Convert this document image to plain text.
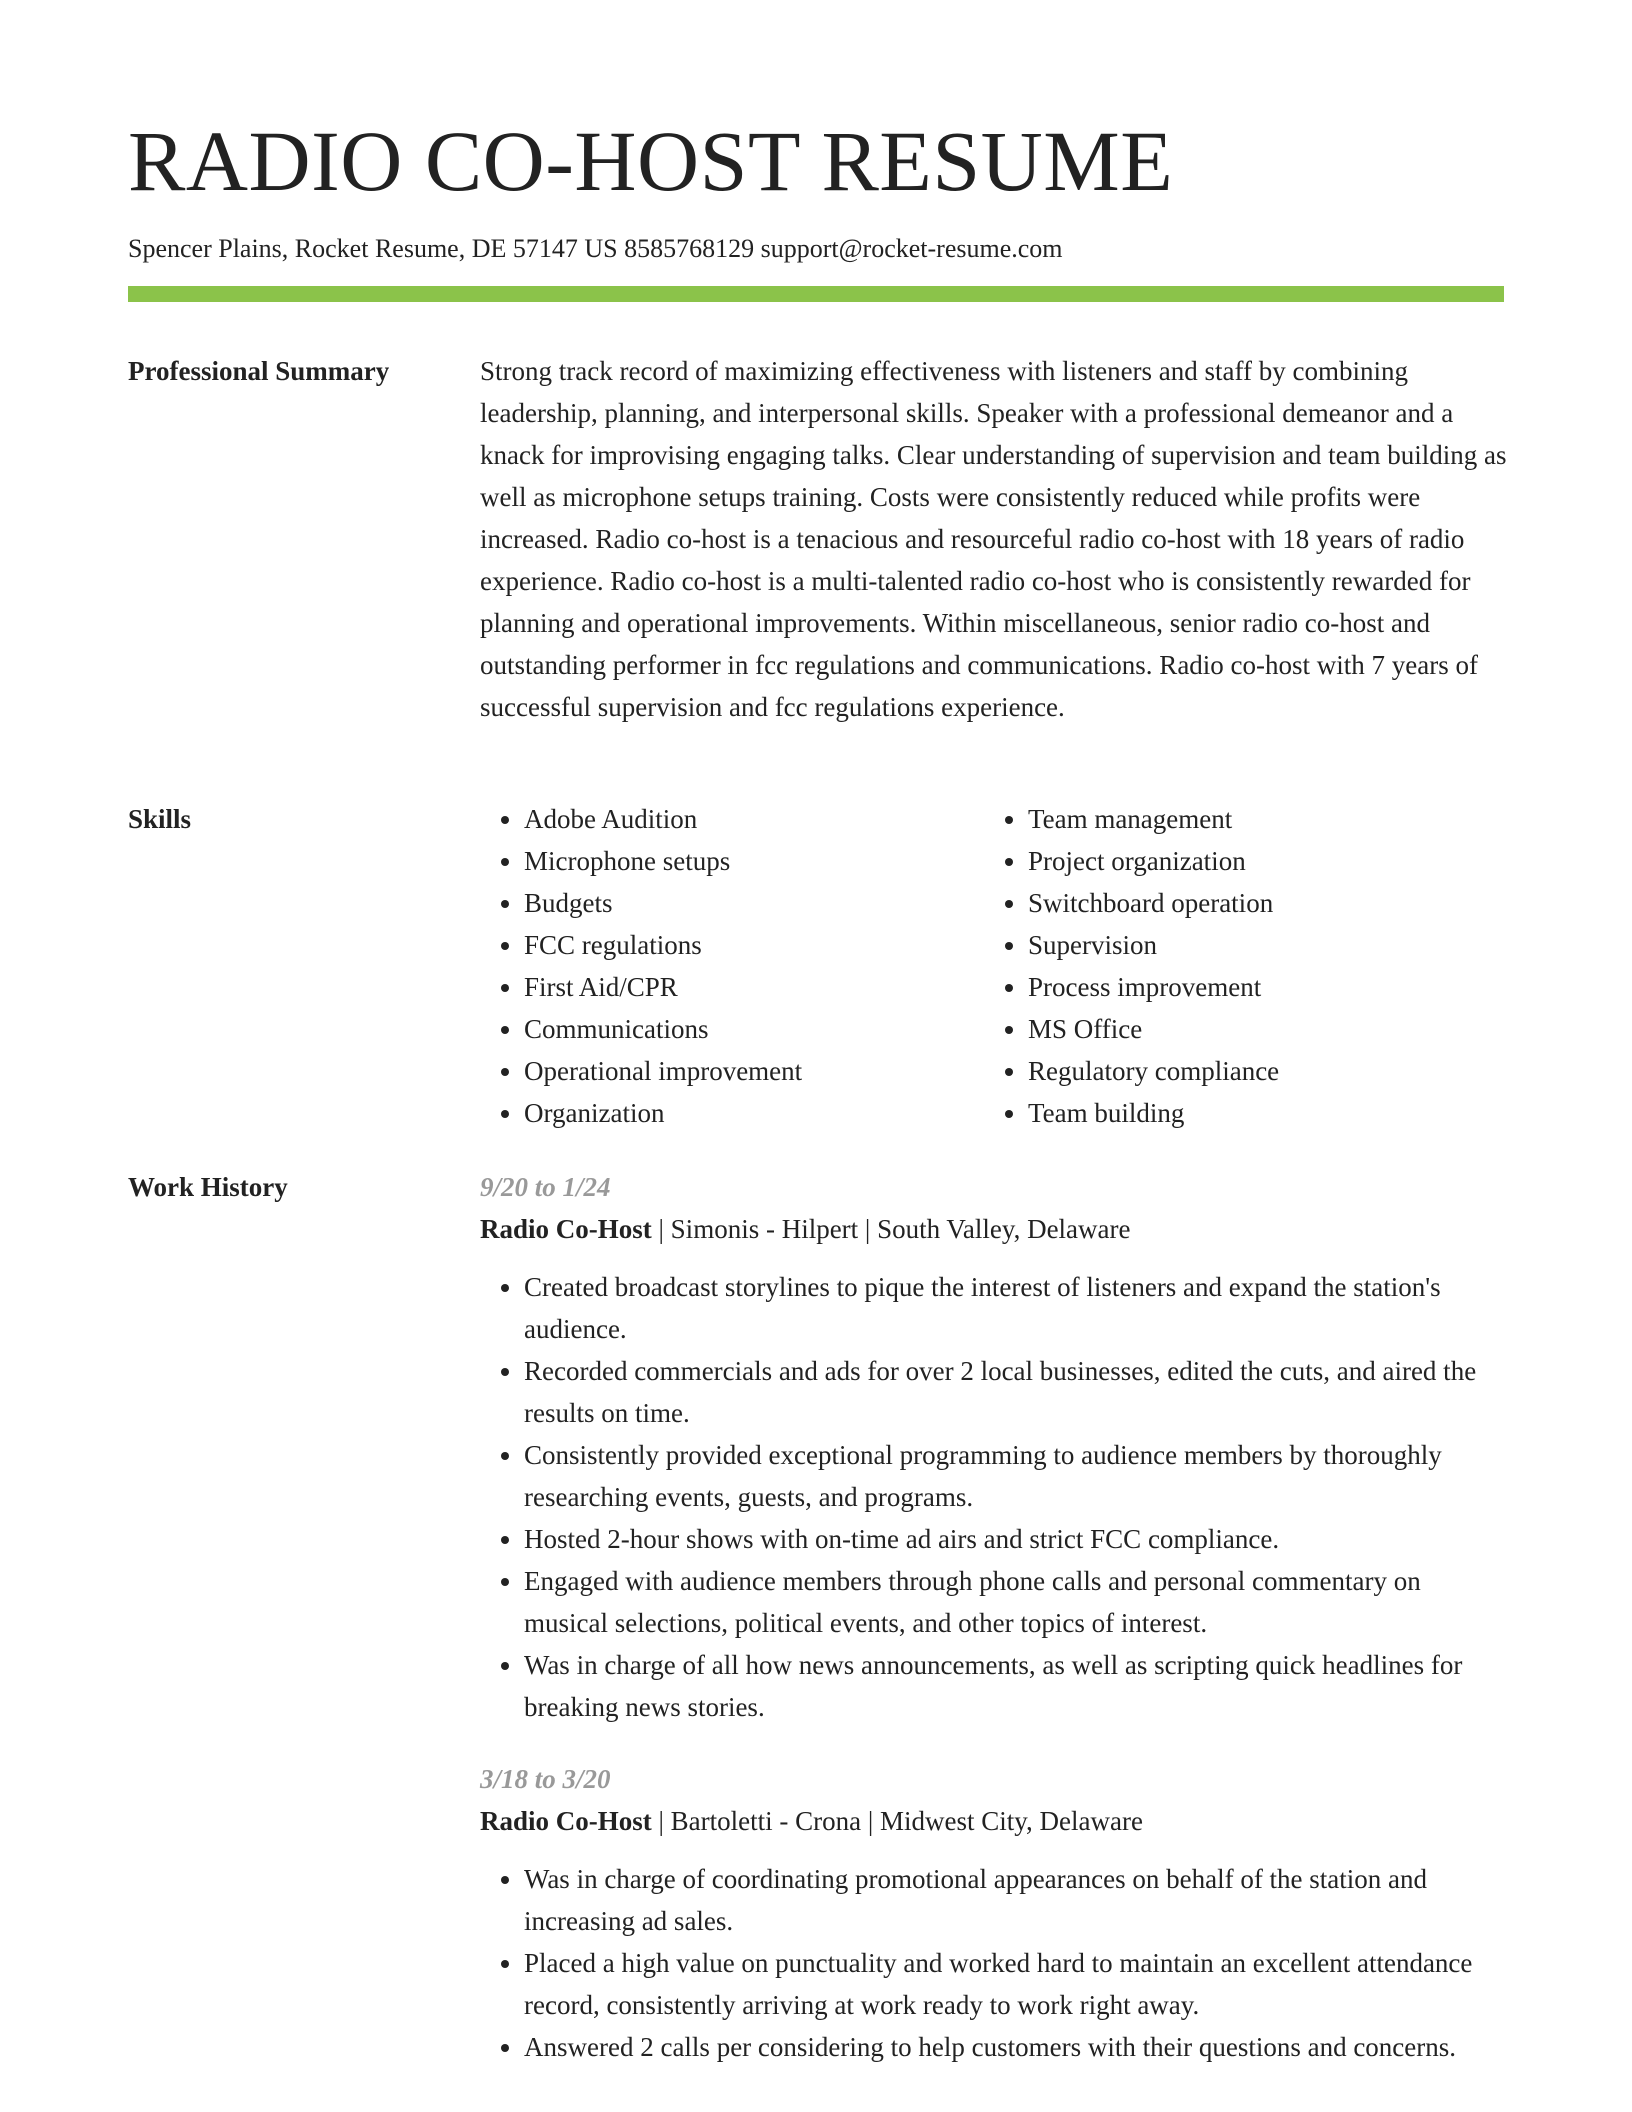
RADIO CO-HOST RESUME
Spencer Plains, Rocket Resume, DE 57147 US 8585768129 support@rocket-resume.com
Professional Summary	Strong track record of maximizing effectiveness with listeners and staff by combining leadership, planning, and interpersonal skills. Speaker with a professional demeanor and a knack for improvising engaging talks. Clear understanding of supervision and team building as well as microphone setups training. Costs were consistently reduced while profits were increased. Radio co-host is a tenacious and resourceful radio co-host with 18 years of radio experience. Radio co-host is a multi-talented radio co-host who is consistently rewarded for planning and operational improvements. Within miscellaneous, senior radio co-host and outstanding performer in fcc regulations and communications. Radio co-host with 7 years of successful supervision and fcc regulations experience.

Skills
•	Adobe Audition
• Microphone setups
• Budgets
• FCC regulations
• First Aid/CPR
• Communications
• Operational improvement
• Organization
• Team management
• Project organization
• Switchboard operation
• Supervision
• Process improvement
• MS Office
• Regulatory compliance
• Team building
Work History	9/20 to 1/24
Radio Co-Host | Simonis - Hilpert | South Valley, Delaware
• Created broadcast storylines to pique the interest of listeners and expand the station's audience.
• Recorded commercials and ads for over 2 local businesses, edited the cuts, and aired the results on time.
• Consistently provided exceptional programming to audience members by thoroughly researching events, guests, and programs.
• Hosted 2-hour shows with on-time ad airs and strict FCC compliance.
• Engaged with audience members through phone calls and personal commentary on musical selections, political events, and other topics of interest.
• Was in charge of all how news announcements, as well as scripting quick headlines for breaking news stories.
3/18 to 3/20
Radio Co-Host | Bartoletti - Crona | Midwest City, Delaware
• Was in charge of coordinating promotional appearances on behalf of the station and increasing ad sales.
• Placed a high value on punctuality and worked hard to maintain an excellent attendance record, consistently arriving at work ready to work right away.
• Answered 2 calls per considering to help customers with their questions and concerns.
